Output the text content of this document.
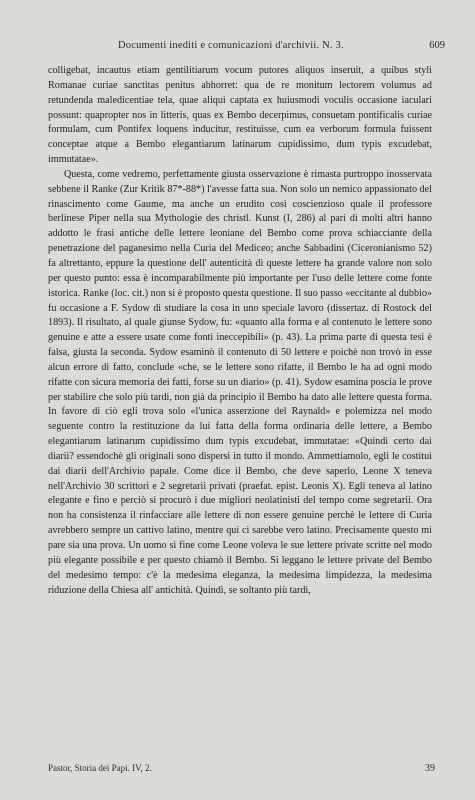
Documenti inediti e comunicazioni d'archivii. N. 3.	609

colligebat, incautus etiam gentilitiarum vocum putores aliquos inseruit, a quibus styli Romanae curiae sanctitas penitus abhorret: qua de re monitum lectorem volumus ad retundenda maledicentiae tela, quae aliqui captata ex huiusmodi voculis occasione iaculari possunt: quapropter nos in litteris, quas ex Bembo decerpimus, consuetam pontificalis curiae formulam, cum Pontifex loquens inducitur, restituisse, cum ea verborum formula fuissent conceptae atque a Bembo elegantiarum latinarum cupidissimo, dum typis excudebat, immutatae».

Questa, come vedremo, perfettamente giusta osservazione è rimasta purtroppo inosservata sebbene il Ranke (Zur Kritik 87*-88*) l'avesse fatta sua. Non solo un nemico appassionato del rinascimento come Gaume, ma anche un erudito così coscienzioso quale il professore berlinese Piper nella sua Mythologie des christl. Kunst (I, 286) al pari di molti altri hanno addotto le frasi antiche delle lettere leoniane del Bembo come prova schiacciante della penetrazione del paganesimo nella Curia del Mediceo; anche Sabbadini (Ciceronianismo 52) fa altrettanto, eppure la questione dell' autenticità di queste lettere ha grande valore non solo per questo punto: essa è incomparabilmente più importante per l'uso delle lettere come fonte istorica. Ranke (loc. cit.) non si è proposto questa questione. Il suo passo «eccitante al dubbio» fu occasione a F. Sydow di studiare la cosa in uno speciale lavoro (dissertaz. di Rostock del 1893). Il risultato, al quale giunse Sydow, fu: «quanto alla forma e al contenuto le lettere sono genuine e atte a essere usate come fonti ineccepibili» (p. 43). La prima parte di questa tesi è falsa, giusta la seconda. Sydow esaminò il contenuto di 50 lettere e poichè non trovò in esse alcun errore di fatto, conclude «che, se le lettere sono rifatte, il Bembo le ha ad ogni modo rifatte con sicura memoria dei fatti, forse su un diario» (p. 41). Sydow esamina poscia le prove per stabilire che solo più tardi, non già da principio il Bembo ha dato alle lettere questa forma. In favore di ciò egli trova solo «l'unica asserzione del Raynald» e polemizza nel modo seguente contro la restituzione da lui fatta della forma ordinaria delle lettere, a Bembo elegantiarum latinarum cupidissimo dum typis excudebat, immutatae: «Quindi certo dai diarii? essendochè gli originali sono dispersi in tutto il mondo. Ammettiamolo, egli le costituì dai diarii dell'Archivio papale. Come dice il Bembo, che deve saperlo, Leone X teneva nell'Archivio 30 scrittori e 2 segretarii privati (praefat. epist. Leonis X). Egli teneva al latino elegante e fino e perciò si procurò i due migliori neolatinisti del tempo come segretarii. Ora non ha consistenza il rinfacciare alle lettere di non essere genuine perchè le lettere di Curia avrebbero sempre un cattivo latino, mentre qui ci sarebbe vero latino. Precisamente questo mi pare sia una prova. Un uomo sì fine come Leone voleva le sue lettere private scritte nel modo più elegante possibile e per questo chiamò il Bembo. Si leggano le lettere private del Bembo del medesimo tempo: c'è la medesima eleganza, la medesima limpidezza, la medesima riduzione della Chiesa all' antichità. Quindi, se soltanto più tardi,

Pastor, Storia dei Papi. IV, 2.	39
